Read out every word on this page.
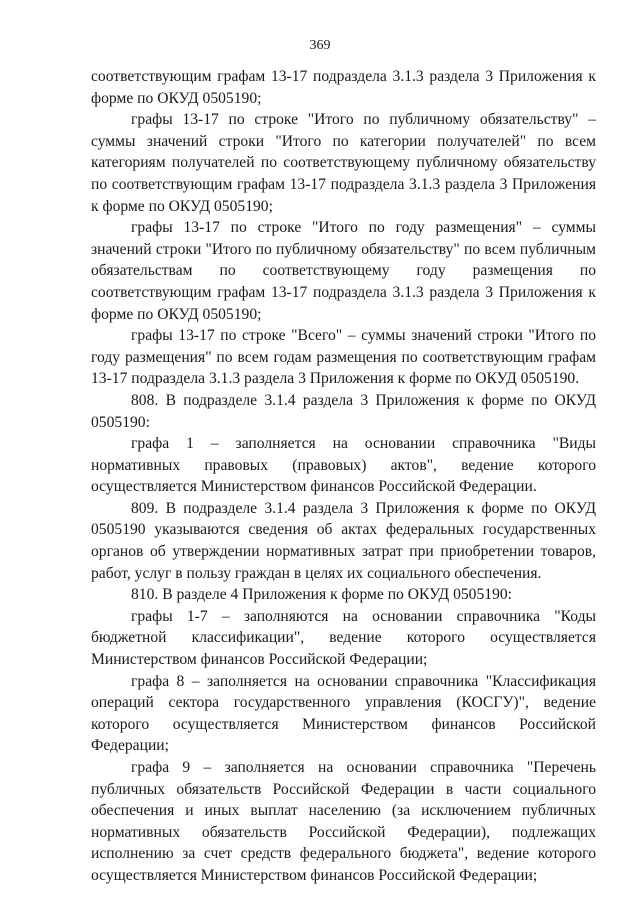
369

соответствующим графам 13-17 подраздела 3.1.3 раздела 3 Приложения к форме по ОКУД 0505190;

графы 13-17 по строке "Итого по публичному обязательству" – суммы значений строки "Итого по категории получателей" по всем категориям получателей по соответствующему публичному обязательству по соответствующим графам 13-17 подраздела 3.1.3 раздела 3 Приложения к форме по ОКУД 0505190;

графы 13-17 по строке "Итого по году размещения" – суммы значений строки "Итого по публичному обязательству" по всем публичным обязательствам по соответствующему году размещения по соответствующим графам 13-17 подраздела 3.1.3 раздела 3 Приложения к форме по ОКУД 0505190;

графы 13-17 по строке "Всего" – суммы значений строки "Итого по году размещения" по всем годам размещения по соответствующим графам 13-17 подраздела 3.1.3 раздела 3 Приложения к форме по ОКУД 0505190.

808. В подразделе 3.1.4 раздела 3 Приложения к форме по ОКУД 0505190:

графа 1 – заполняется на основании справочника "Виды нормативных правовых (правовых) актов", ведение которого осуществляется Министерством финансов Российской Федерации.

809. В подразделе 3.1.4 раздела 3 Приложения к форме по ОКУД 0505190 указываются сведения об актах федеральных государственных органов об утверждении нормативных затрат при приобретении товаров, работ, услуг в пользу граждан в целях их социального обеспечения.

810. В разделе 4 Приложения к форме по ОКУД 0505190:

графы 1-7 – заполняются на основании справочника "Коды бюджетной классификации", ведение которого осуществляется Министерством финансов Российской Федерации;

графа 8 – заполняется на основании справочника "Классификация операций сектора государственного управления (КОСГУ)", ведение которого осуществляется Министерством финансов Российской Федерации;

графа 9 – заполняется на основании справочника "Перечень публичных обязательств Российской Федерации в части социального обеспечения и иных выплат населению (за исключением публичных нормативных обязательств Российской Федерации), подлежащих исполнению за счет средств федерального бюджета", ведение которого осуществляется Министерством финансов Российской Федерации;
